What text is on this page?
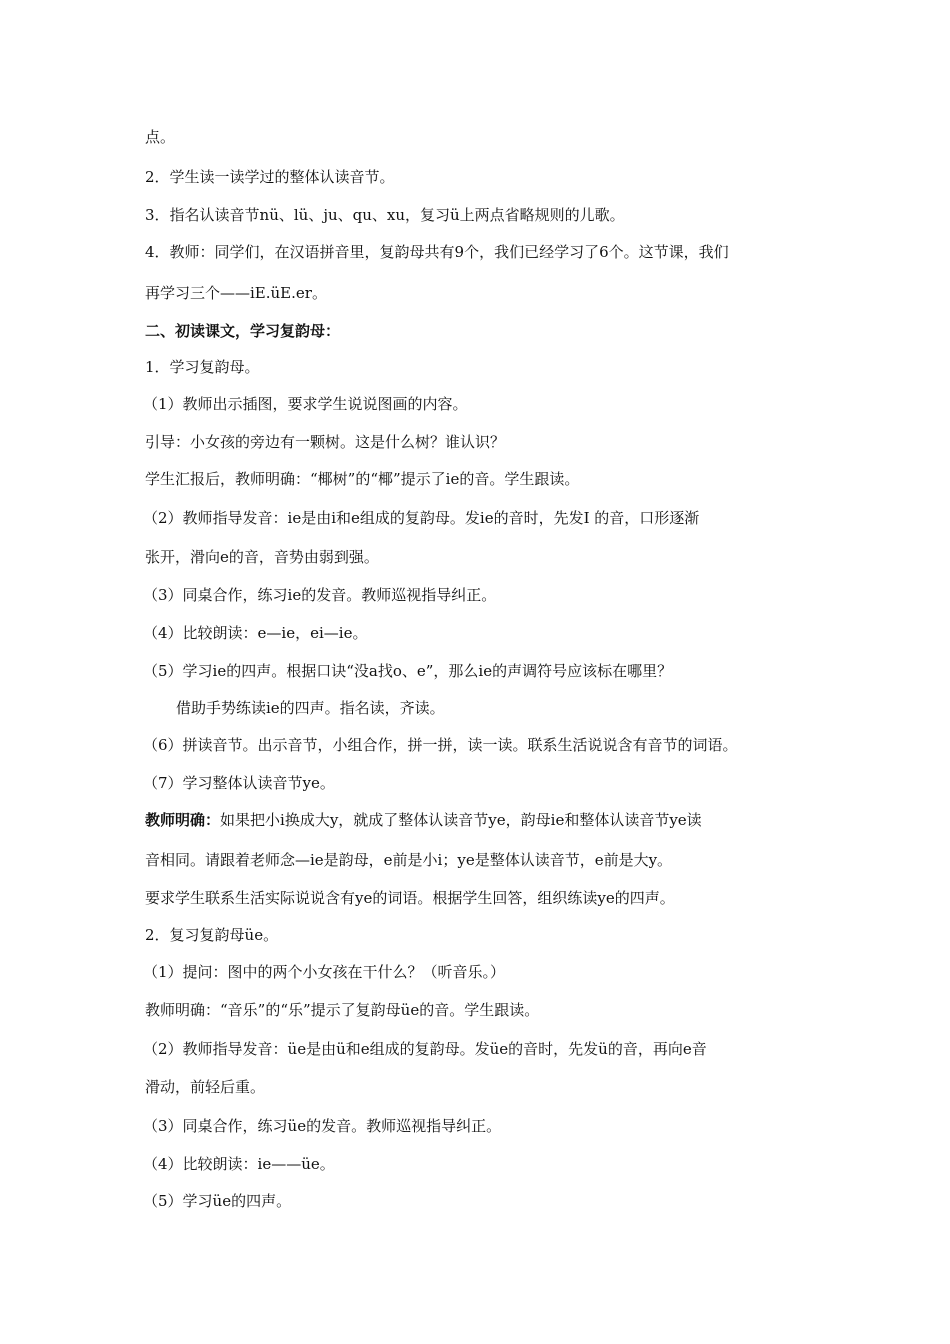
点。
2．学生读一读学过的整体认读音节。
3．指名认读音节nü、lü、ju、qu、xu，复习ü上两点省略规则的儿歌。
4．教师：同学们，在汉语拼音里，复韵母共有9个，我们已经学习了6个。这节课，我们
再学习三个——iE.üE.er。
二、初读课文，学习复韵母：
1．学习复韵母。
（1）教师出示插图，要求学生说说图画的内容。
引导：小女孩的旁边有一颗树。这是什么树？谁认识？
学生汇报后，教师明确：“椰树”的“椰”提示了ie的音。学生跟读。
（2）教师指导发音：ie是由i和e组成的复韵母。发ie的音时，先发I 的音，口形逐渐
张开，滑向e的音，音势由弱到强。
（3）同桌合作，练习ie的发音。教师巡视指导纠正。
（4）比较朗读：e—ie，ei—ie。
（5）学习ie的四声。根据口诀“没a找o、e”，那么ie的声调符号应该标在哪里？
借助手势练读ie的四声。指名读，齐读。
（6）拼读音节。出示音节，小组合作，拼一拼，读一读。联系生活说说含有音节的词语。
（7）学习整体认读音节ye。
教师明确：如果把小i换成大y，就成了整体认读音节ye，韵母ie和整体认读音节ye读
音相同。请跟着老师念—ie是韵母，e前是小i；ye是整体认读音节，e前是大y。
要求学生联系生活实际说说含有ye的词语。根据学生回答，组织练读ye的四声。
2．复习复韵母üe。
（1）提问：图中的两个小女孩在干什么？（听音乐。）
教师明确：“音乐”的“乐”提示了复韵母üe的音。学生跟读。
（2）教师指导发音：üe是由ü和e组成的复韵母。发üe的音时，先发ü的音，再向e音
滑动，前轻后重。
（3）同桌合作，练习üe的发音。教师巡视指导纠正。
（4）比较朗读：ie——üe。
（5）学习üe的四声。
